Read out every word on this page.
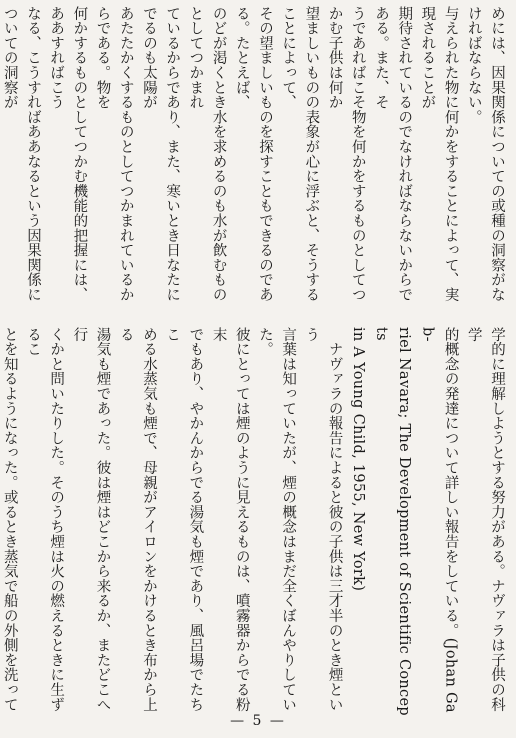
めには、因果関係についての或種の洞察がなければならない。
与えられた物に何かをすることによって、実現されることが
期待されているのでなければならないからである。また、そ
うであればこそ物を何かをするものとしてつかむ子供は何か
望ましいものの表象が心に浮ぶと、そうすることによって、
その望ましいものを探すこともできるのである。たとえば、
のどが渇くとき水を求めるのも水が飲むものとしてつかまれ
ているからであり、また、寒いとき日なたにでるのも太陽が
あたたかくするものとしてつかまれているからである。物を
何かするものとしてつかむ機能的把握には、ああすればこう
なる、こうすればああなるという因果関係についての洞察が

学的に理解しようとする努力がある。ナヴァラは子供の科学
的概念の発達について詳しい報告をしている。(Johan Gab-
riel Navara; The Development of Scientific Concepts
in A Young Child, 1955, New York)
　ナヴァラの報告によると彼の子供は三才半のとき煙という
言葉は知っていたが、煙の概念はまだ全くぼんやりしていた。
彼にとっては煙のように見えるものは、噴霧器からでる粉末
でもあり、やかんからでる湯気も煙であり、風呂場でたちこ
める水蒸気も煙で、母親がアイロンをかけるとき布から上る
湯気も煙であった。彼は煙はどこから来るか、またどこへ行
くかと問いたりした。そのうち煙は火の燃えるときに生ずるこ
とを知るようになった。或るとき蒸気で船の外側を洗って

— 5 —
